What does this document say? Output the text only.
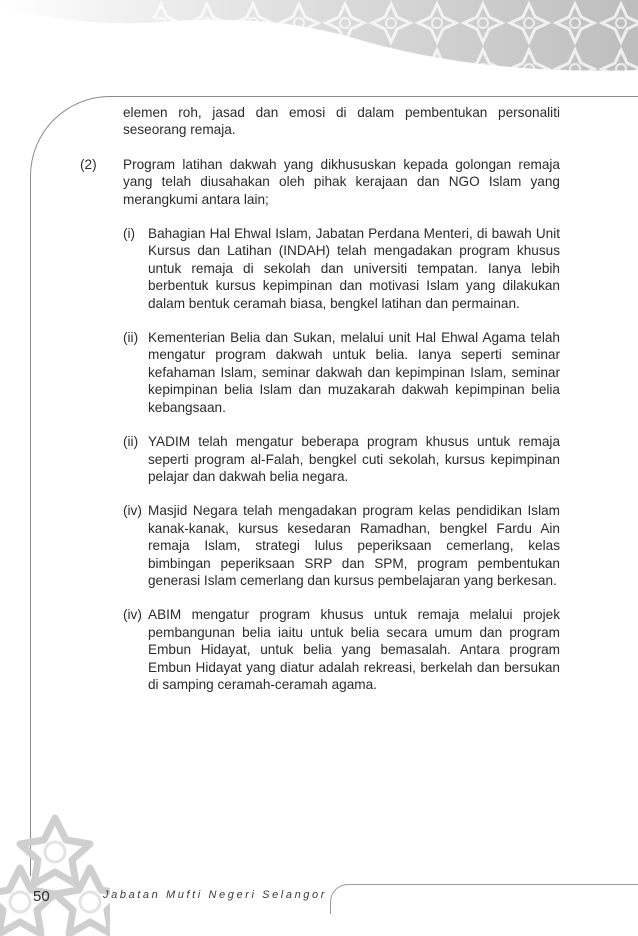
elemen roh, jasad dan emosi di dalam pembentukan personaliti seseorang remaja.
(2)	Program latihan dakwah yang dikhususkan kepada golongan remaja yang telah diusahakan oleh pihak kerajaan dan NGO Islam yang merangkumi antara lain;
(i) Bahagian Hal Ehwal Islam, Jabatan Perdana Menteri, di bawah Unit Kursus dan Latihan (INDAH) telah mengadakan program khusus untuk remaja di sekolah dan universiti tempatan. Ianya lebih berbentuk kursus kepimpinan dan motivasi Islam yang dilakukan dalam bentuk ceramah biasa, bengkel latihan dan permainan.
(ii) Kementerian Belia dan Sukan, melalui unit Hal Ehwal Agama telah mengatur program dakwah untuk belia. Ianya seperti seminar kefahaman Islam, seminar dakwah dan kepimpinan Islam, seminar kepimpinan belia Islam dan muzakarah dakwah kepimpinan belia kebangsaan.
(ii) YADIM telah mengatur beberapa program khusus untuk remaja seperti program al-Falah, bengkel cuti sekolah, kursus kepimpinan pelajar dan dakwah belia negara.
(iv) Masjid Negara telah mengadakan program kelas pendidikan Islam kanak-kanak, kursus kesedaran Ramadhan, bengkel Fardu Ain remaja Islam, strategi lulus peperiksaan cemerlang, kelas bimbingan peperiksaan SRP dan SPM, program pembentukan generasi Islam cemerlang dan kursus pembelajaran yang berkesan.
(iv) ABIM mengatur program khusus untuk remaja melalui projek pembangunan belia iaitu untuk belia secara umum dan program Embun Hidayat, untuk belia yang bemasalah. Antara program Embun Hidayat yang diatur adalah rekreasi, berkelah dan bersukan di samping ceramah-ceramah agama.
50	Jabatan Mufti Negeri Selangor
